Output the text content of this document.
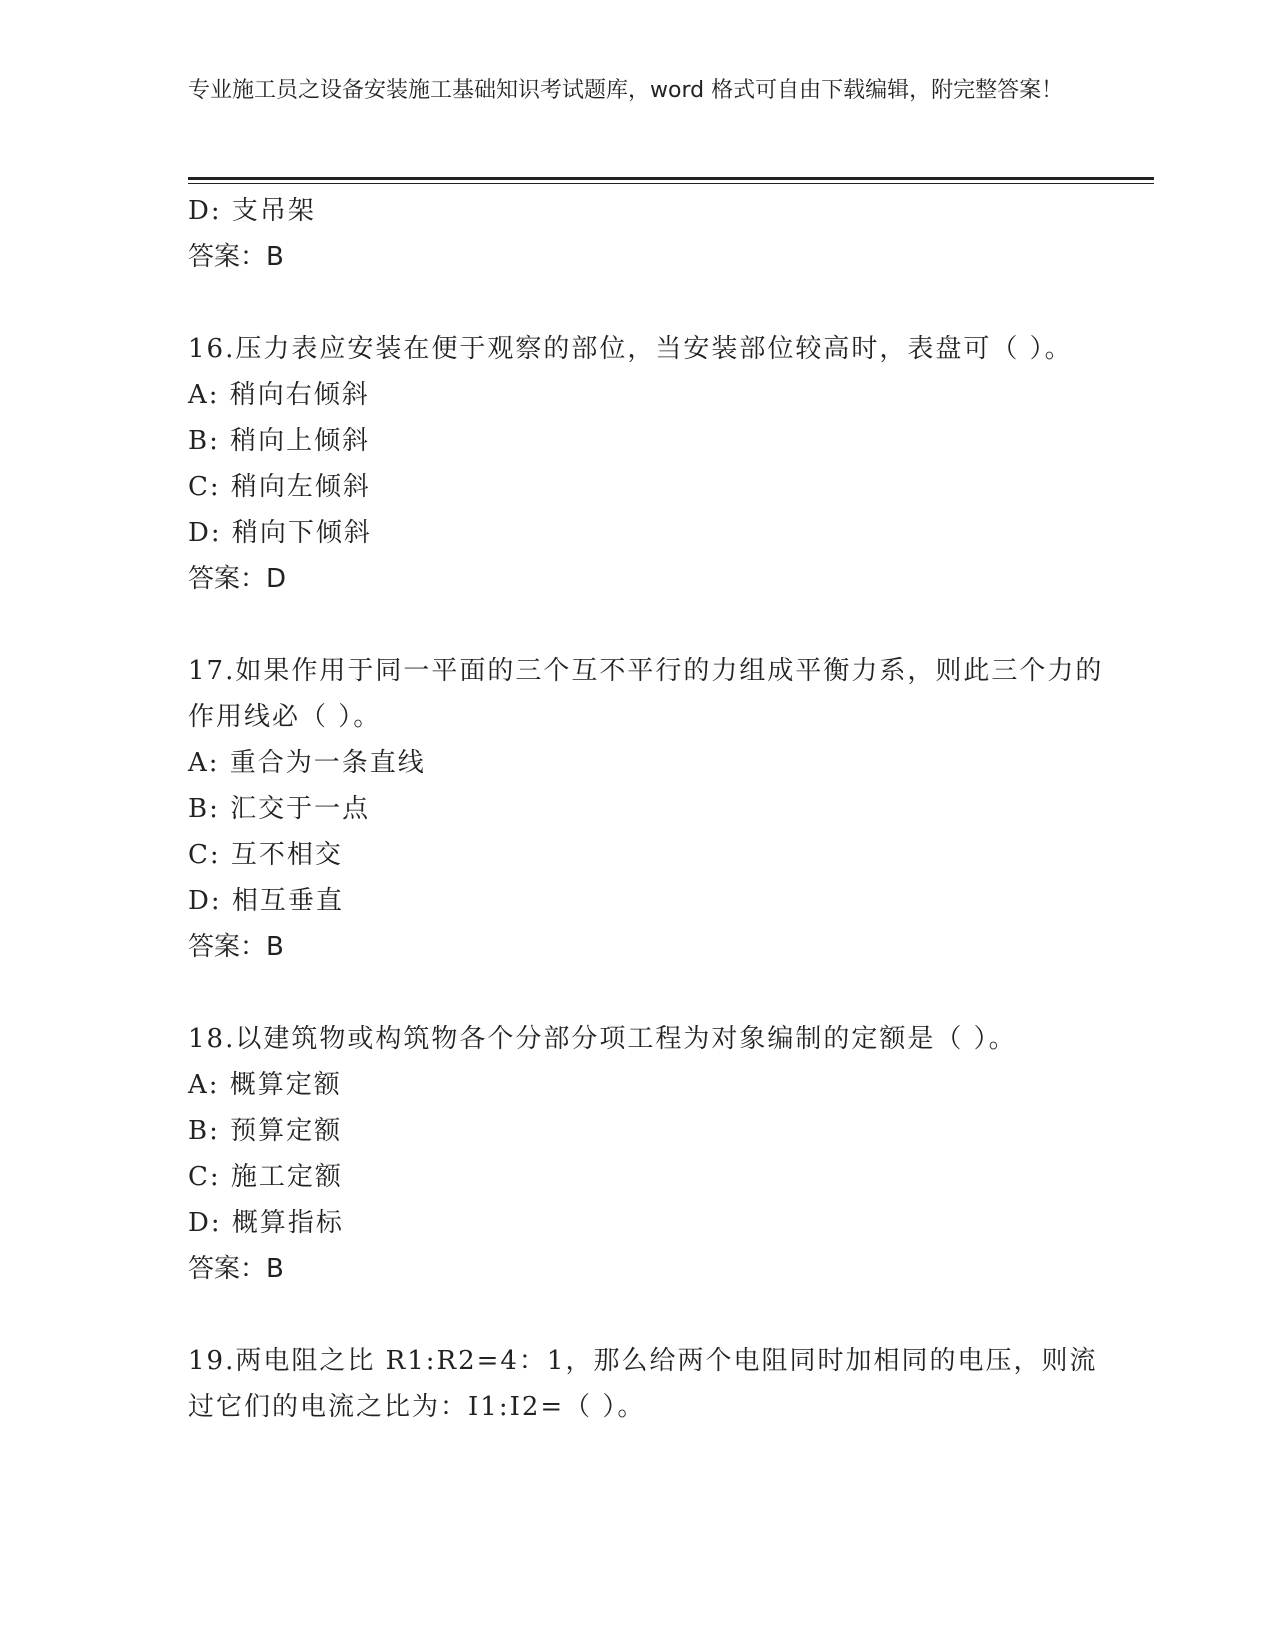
专业施工员之设备安装施工基础知识考试题库，word 格式可自由下载编辑，附完整答案！
D: 支吊架
答案：B
16.压力表应安装在便于观察的部位，当安装部位较高时，表盘可（ ）。
A: 稍向右倾斜
B: 稍向上倾斜
C: 稍向左倾斜
D: 稍向下倾斜
答案：D
17.如果作用于同一平面的三个互不平行的力组成平衡力系，则此三个力的作用线必（ ）。
A: 重合为一条直线
B: 汇交于一点
C: 互不相交
D: 相互垂直
答案：B
18.以建筑物或构筑物各个分部分项工程为对象编制的定额是（ ）。
A: 概算定额
B: 预算定额
C: 施工定额
D: 概算指标
答案：B
19.两电阻之比 R1:R2=4：1，那么给两个电阻同时加相同的电压，则流过它们的电流之比为：I1:I2=（ ）。
